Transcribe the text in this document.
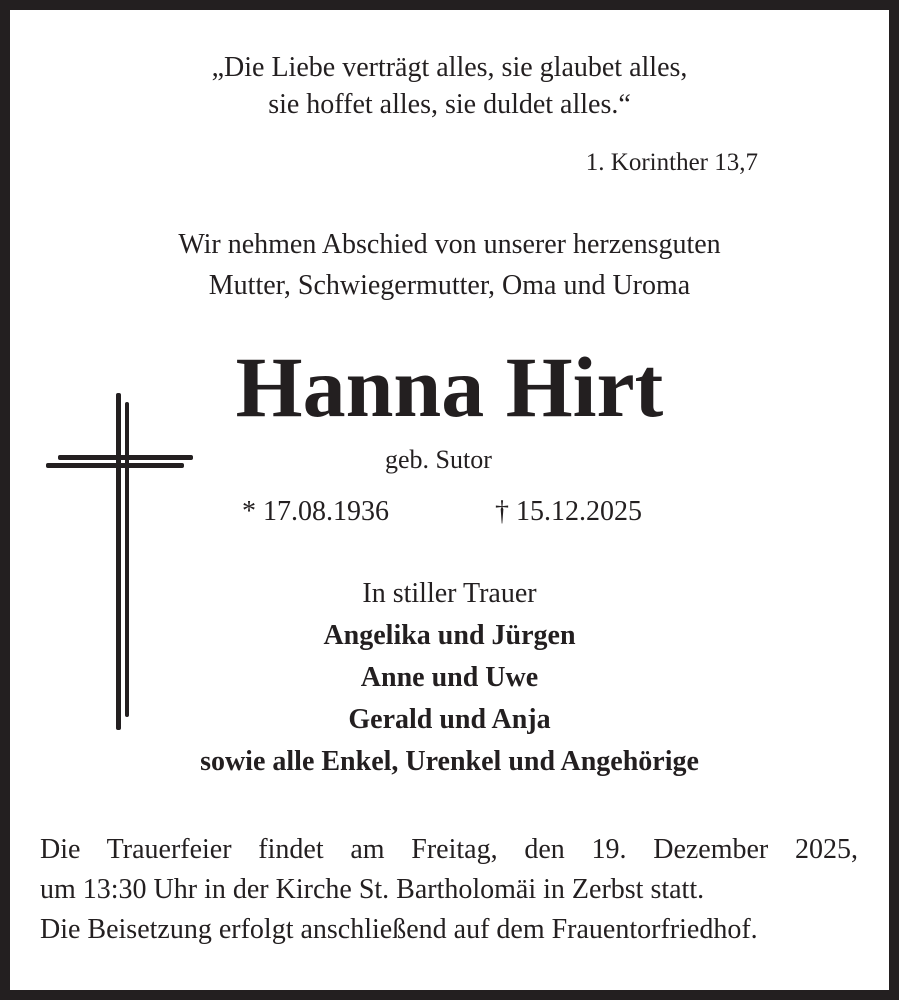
„Die Liebe verträgt alles, sie glaubet alles,
sie hoffet alles, sie duldet alles.“
1. Korinther 13,7
Wir nehmen Abschied von unserer herzensguten
Mutter, Schwiegermutter, Oma und Uroma
Hanna Hirt
geb. Sutor
* 17.08.1936	† 15.12.2025
In stiller Trauer
Angelika und Jürgen
Anne und Uwe
Gerald und Anja
sowie alle Enkel, Urenkel und Angehörige
Die Trauerfeier findet am Freitag, den 19. Dezember 2025,
um 13:30 Uhr in der Kirche St. Bartholomäi in Zerbst statt.
Die Beisetzung erfolgt anschließend auf dem Frauentorfriedhof.
